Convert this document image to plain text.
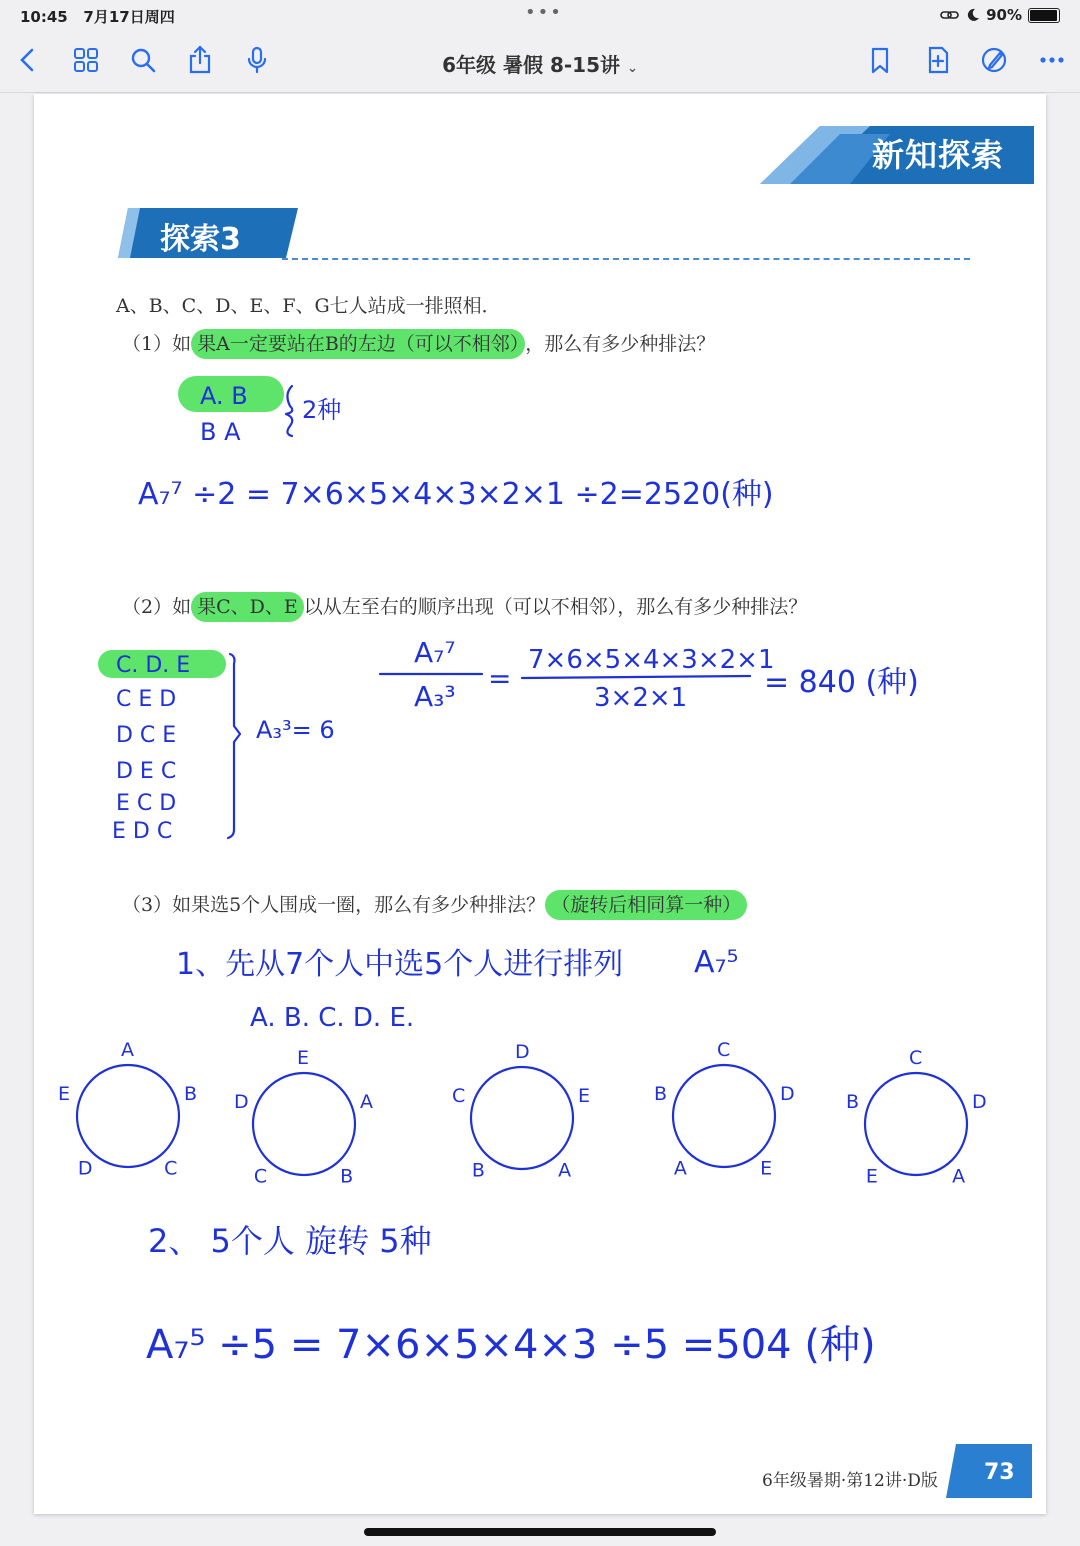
10:45 7月17日周四	•••	90%
6年级 暑假 8-15讲 ⌄
新知探索
探索3
A、B、C、D、E、F、G七人站成一排照相．
（1）如 果A一定要站在B的左边（可以不相邻） ，那么有多少种排法？
（2）如 果C、D、E 以从左至右的顺序出现（可以不相邻），那么有多少种排法？
（3）如果选5个人围成一圈，那么有多少种排法？ （旋转后相同算一种）
A. B
B A
2种
A₇⁷ ÷2 = 7×6×5×4×3×2×1 ÷2=2520(种)
C. D. E
C E D
D C E
D E C
E C D
E D C
A₃³= 6
A₇⁷
A₃³
=
7×6×5×4×3×2×1
3×2×1	= 840 (种)
1、先从7个人中选5个人进行排列 A₇⁵
A. B. C. D. E.
A
B
C
D
E
E
A
B
C
D
D
E
A
B
C
C
D
E
A
B
C
D
A
E
B
2、 5个人 旋转 5种
A₇⁵ ÷5 = 7×6×5×4×3 ÷5 =504 (种)
6年级暑期·第12讲·D版 73
